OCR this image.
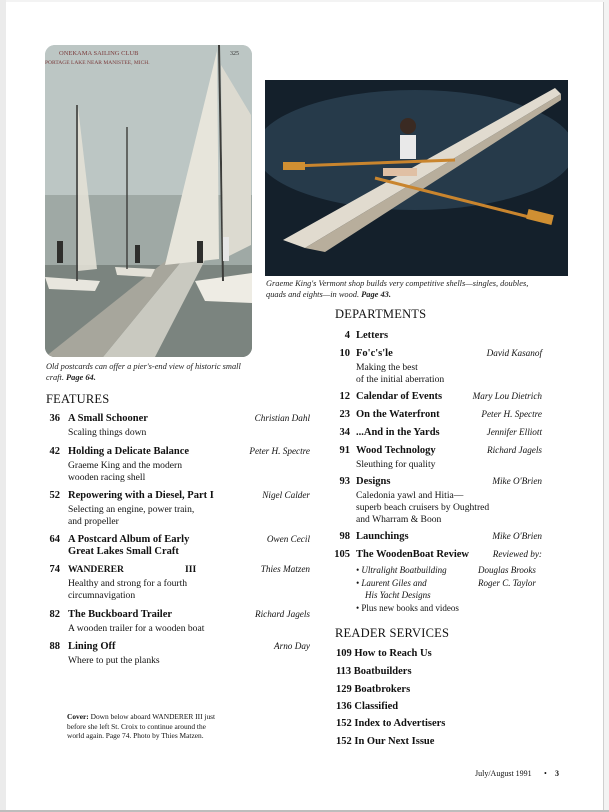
ONEKAMA SAILING CLUB
PORTAGE LAKE NEAR MANISTEE, MICH.
325
Old postcards can offer a pier's-end view of historic small
craft. Page 64.
Graeme King's Vermont shop builds very competitive shells—singles, doubles,
quads and eights—in wood. Page 43.
FEATURES
36 A Small Schooner	Christian Dahl
Scaling things down
42 Holding a Delicate Balance	Peter H. Spectre
Graeme King and the modern
wooden racing shell
52 Repowering with a Diesel, Part I	Nigel Calder
Selecting an engine, power train,
and propeller
64 A Postcard Album of Early	Owen Cecil
Great Lakes Small Craft
74 WANDERER	III	Thies Matzen
Healthy and strong for a fourth
circumnavigation
82 The Buckboard Trailer	Richard Jagels
A wooden trailer for a wooden boat
88 Lining Off	Arno Day
Where to put the planks
Cover: Down below aboard WANDERER III just before she left St. Croix to continue around the world again. Page 74. Photo by Thies Matzen.
DEPARTMENTS
4 Letters
10 Fo'c's'le	David Kasanof
Making the best
of the initial aberration
12 Calendar of Events	Mary Lou Dietrich
23 On the Waterfront	Peter H. Spectre
34 ...And in the Yards	Jennifer Elliott
91 Wood Technology	Richard Jagels
Sleuthing for quality
93 Designs	Mike O'Brien
Caledonia yawl and Hitia—
superb beach cruisers by Oughtred
and Wharram & Boon
98 Launchings	Mike O'Brien
105 The WoodenBoat Review	Reviewed by:
• Ultralight Boatbuilding	Douglas Brooks
• Laurent Giles and	Roger C. Taylor
His Yacht Designs
• Plus new books and videos
READER SERVICES
109 How to Reach Us
113 Boatbuilders
129 Boatbrokers
136 Classified
152 Index to Advertisers
152 In Our Next Issue
July/August 1991 • 3
